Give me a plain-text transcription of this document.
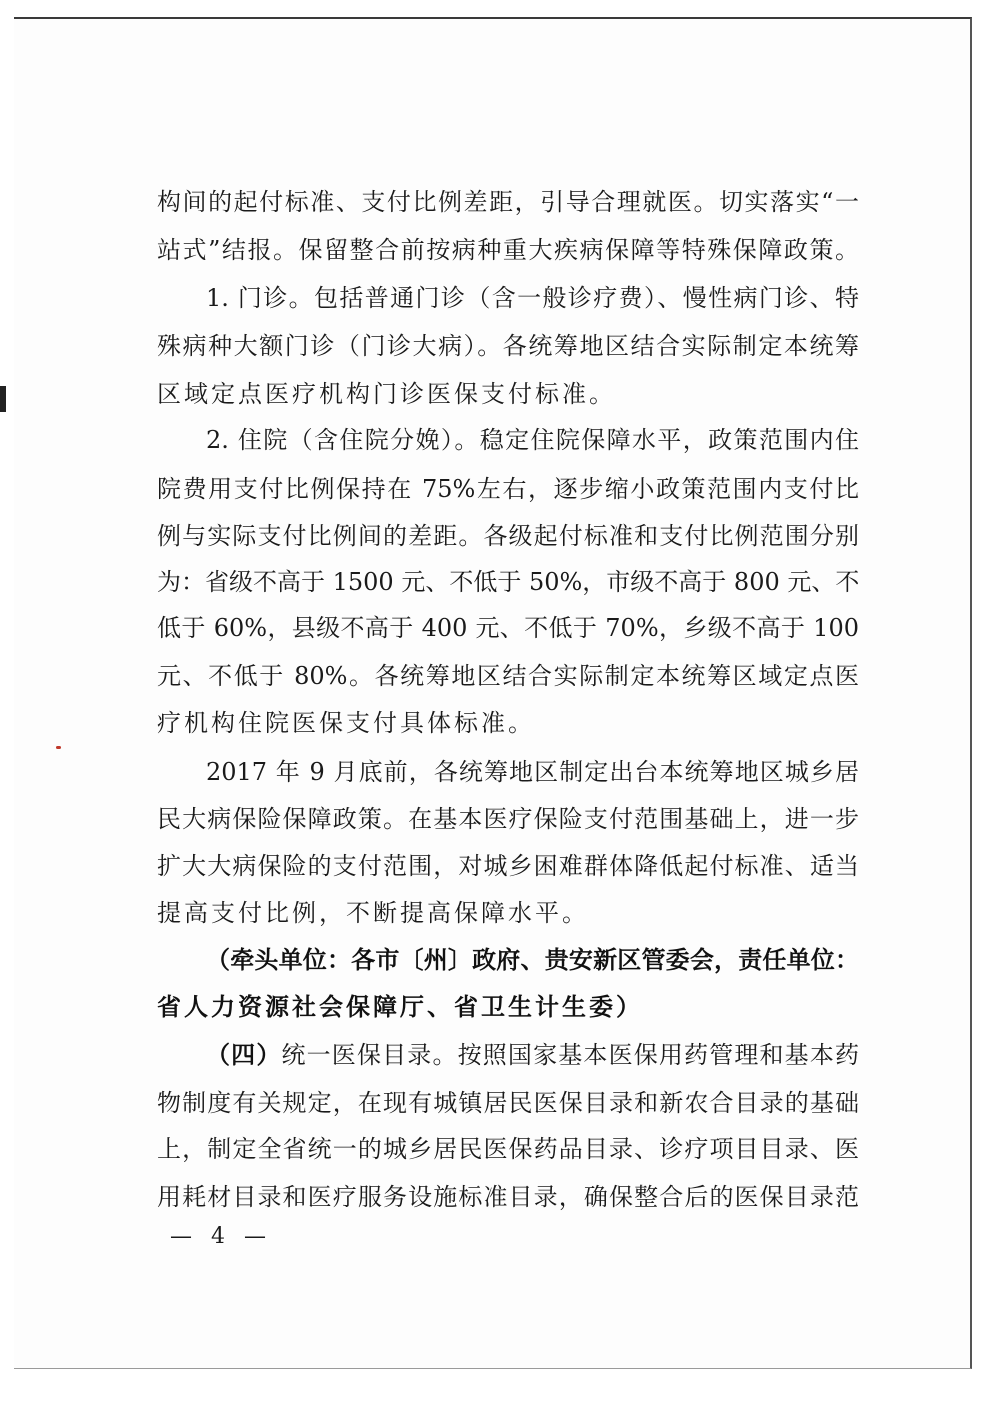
构间的起付标准、支付比例差距，引导合理就医。切实落实“一
站式”结报。保留整合前按病种重大疾病保障等特殊保障政策。
1. 门诊。包括普通门诊（含一般诊疗费）、慢性病门诊、特
殊病种大额门诊（门诊大病）。各统筹地区结合实际制定本统筹
区域定点医疗机构门诊医保支付标准。
2. 住院（含住院分娩）。稳定住院保障水平，政策范围内住
院费用支付比例保持在 75%左右，逐步缩小政策范围内支付比
例与实际支付比例间的差距。各级起付标准和支付比例范围分别
为：省级不高于 1500 元、不低于 50%，市级不高于 800 元、不
低于 60%，县级不高于 400 元、不低于 70%，乡级不高于 100
元、不低于 80%。各统筹地区结合实际制定本统筹区域定点医
疗机构住院医保支付具体标准。
2017 年 9 月底前，各统筹地区制定出台本统筹地区城乡居
民大病保险保障政策。在基本医疗保险支付范围基础上，进一步
扩大大病保险的支付范围，对城乡困难群体降低起付标准、适当
提高支付比例，不断提高保障水平。
（牵头单位：各市〔州〕政府、贵安新区管委会，责任单位：
省人力资源社会保障厅、省卫生计生委）
（四）统一医保目录。按照国家基本医保用药管理和基本药
物制度有关规定，在现有城镇居民医保目录和新农合目录的基础
上，制定全省统一的城乡居民医保药品目录、诊疗项目目录、医
用耗材目录和医疗服务设施标准目录，确保整合后的医保目录范
— 4 —
